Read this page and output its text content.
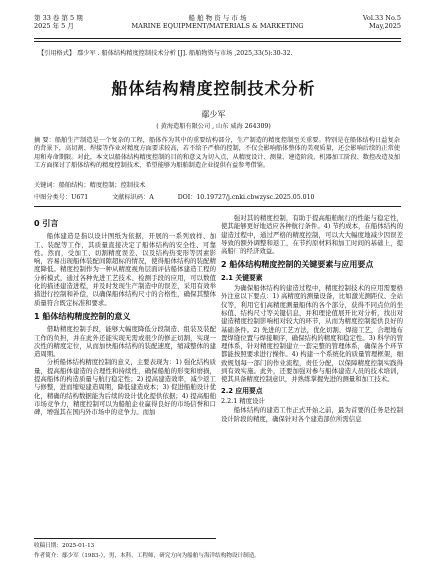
第 33 卷 第 5 期
2025 年 5 月
船 舶 物 资 与 市 场
MARINE EQUIPMENT/MATERIALS & MARKETING
Vol.33 No.5
May,2025
【引用格式】 鄢少军 . 船体结构精度控制技术分析 [J]. 船舶物资与市场 ,2025,33(5):30-32.
船体结构精度控制技术分析
鄢少军
( 黄海造船有限公司 , 山东 威海 264309)
摘 要：船舶生产制造是一个复杂的工程，船体作为其中的重要结构部分，生产制造的精度控制至关重要。特别是在船体结构日益复杂的背景下，高切割、焊接等作业对精度方面要求较高，若不给予严格的控制，不仅会影响船体整体的美观质量，还会影响后续的正常使用和寿命期限。对此，本文以船体结构精度控制的目的和意义为切入点，从精度设计、测量、建造阶段、机器加工阶段、数控改造及加工方面探讨了船体结构的精度控制技术，希望能够为船舶制造企业提供有益参考借鉴。
关键词：船舶结构；精度控制；控制技术
中图分类号：U671	文献标识码：A	DOI：10.19727/j.cnki.cbwzysc.2025.05.010
0 引言

船体建造是指以设计图纸为依据，开展的一系列放样、加工、装配等工作，其质量直接决定了船体结构的安全性、可靠性。然而，受加工、切割精度误差、以及结构热变形等因素影响，容易出现船体装配间隙超标的情况，使得船体结构的装配精度降低。精度控制作为一种从精度视角层面评估船体建造工程的分析模式，通过各种先进工艺技术、检测手段的应用，可以数值化的描述建造进程，并及时发现生产制造中的误差，采用有效举措进行控制和补偿，以确保船体结构尺寸的合格性，确保其整体质量符合既定标准和要求。

1 船体结构精度控制的意义

借助精度控制手段，能够大幅度降低分段制造、组装及装配工作的负担，并在此外还能实现无需或很少的修正切割，实现一次性的精度定位，从而加快船体结构的装配速度，缩减整体的建造周期。

分析船体结构精度控制的意义，主要表现为：1) 强化结构质量，提高船体建造的合理性和持续性，确保船舶的形变和磨损，提高船体的构造质量与航行稳定性；2) 提高建造效率，减少返工与修整，进而缩短建造周期，降低建造成本；3) 促进船舶设计优化，精确的结构数据能为后续的设计优化提供依据；4) 提高船舶市场竞争力，精度控制可以为船舶企业赢得良好的市场信誉和口碑，增强其在国内外市场中的竞争力。而加

强对其的精度控制，有助于提高船舶航行的性能与稳定性，使其能够更好地适应各种航行条件。4) 节约成本，在船体结构的建造过程中，通过严格的精度控制，可以大大幅度地减少因误差导致的额外调整和返工，在节约原材料和加工时间的基础上，提高船厂的经济效益。

2 船体结构精度控制的关键要素与应用要点
2.1 关键要素

为确保船体结构的建造过程中，精度控制技术的应用需要格外注意以下要点：1) 高精度的测量设备，比如激光测距仪、全站仪等，利用它们高精度测量船体的各个部分，获得不同点位的坐标值、结构尺寸等关键信息，并和理论值展开比对分析，找出对建造精度控制影响相对较大的环节，从而为精度控制提供良好的基础条件。2) 先进的工艺方法，优化切割、焊接工艺，合理地布置焊缝位置与焊接顺序，确保结构的精度和稳定性。3) 科学的管理体系，针对精度控制建立一套完整的管理体系，确保各个环节都能按照要求进行操作。4) 构建一个系统化的质量管理框架，细致规划每一部门的作业流程，责任分配，以保障精度控制实践得到有效实施。此外，还要加强对参与船体建造人员的技术培训，使其具备精度控制意识，并熟练掌握先进的测量和加工技术。

2.2 应用要点
2.2.1 精度设计

船体结构的建造工作正式开始之前，最为首要的任务是控制设计阶段的精度，确保针对各个建造部位所需信息

收稿日期：2025-01-13
作者简介：鄢少军（1983-），男，本科，工程师，研究方向为船舶与海洋结构物设计制造。
